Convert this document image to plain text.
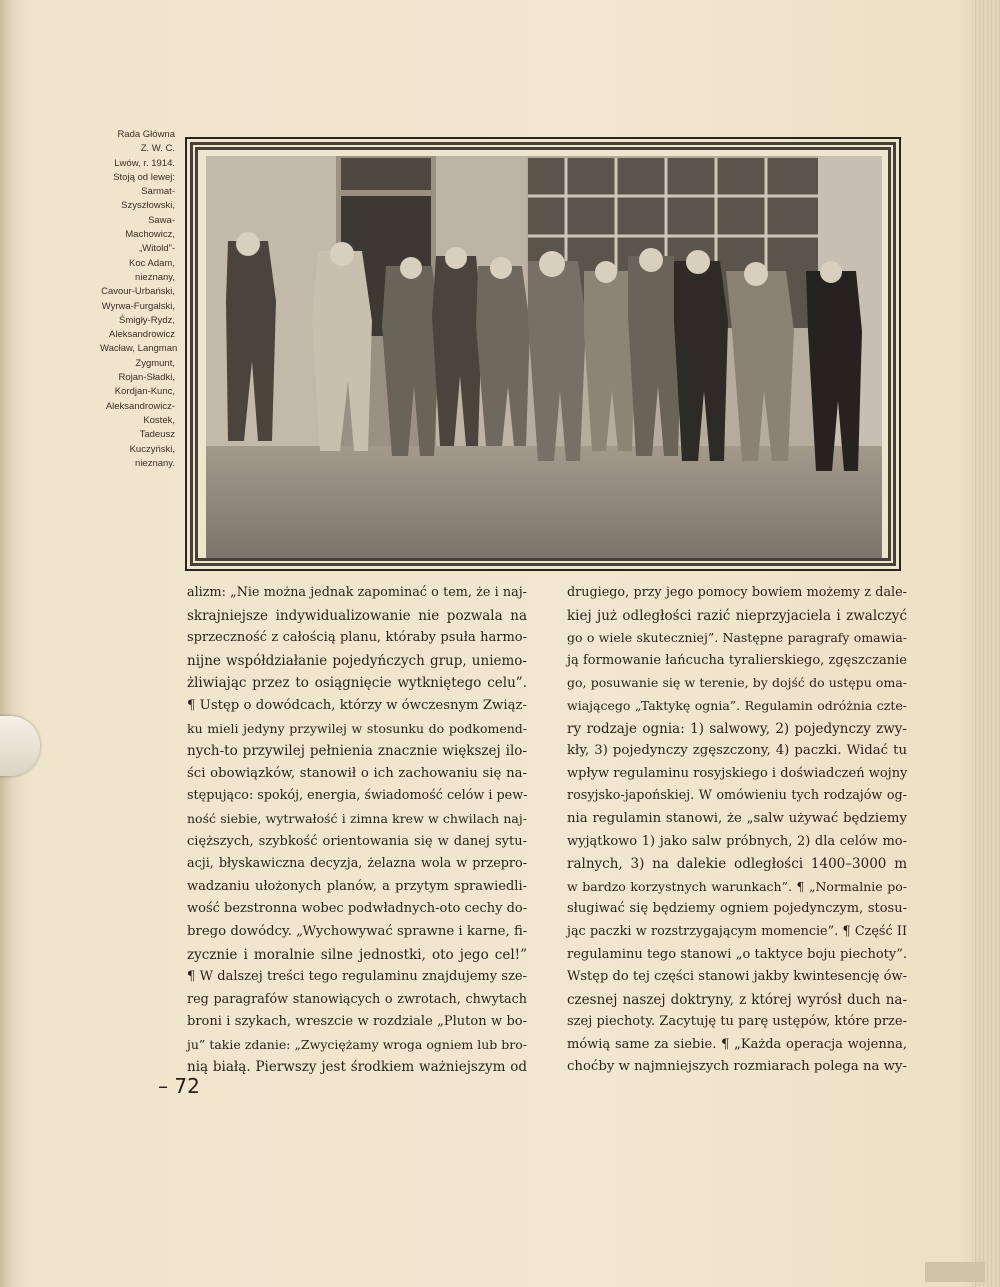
Rada Główna
Z. W. C.
Lwów, r. 1914.
Stoją od lewej:
Sarmat-
Szyszłowski,
Sawa-
Machowicz,
„Witold”-
Koc Adam,
nieznany,
Cavour-Urbański,
Wyrwa-Furgalski,
Śmigły-Rydz,
Aleksandrowicz
Wacław, Langman
Zygmunt,
Rojan-Sładki,
Kordjan-Kunc,
Aleksandrowicz-
Kostek,
Tadeusz
Kuczyński,
nieznany.
alizm: „Nie można jednak zapominać o tem, że i naj-
skrajniejsze indywidualizowanie nie pozwala na
sprzeczność z całością planu, któraby psuła harmo-
nijne współdziałanie pojedyńczych grup, uniemo-
żliwiając przez to osiągnięcie wytkniętego celu”.
¶ Ustęp o dowódcach, którzy w ówczesnym Związ-
ku mieli jedyny przywilej w stosunku do podkomend-
nych-to przywilej pełnienia znacznie większej ilo-
ści obowiązków, stanowił o ich zachowaniu się na-
stępująco: spokój, energia, świadomość celów i pew-
ność siebie, wytrwałość i zimna krew w chwilach naj-
cięższych, szybkość orientowania się w danej sytu-
acji, błyskawiczna decyzja, żelazna wola w przepro-
wadzaniu ułożonych planów, a przytym sprawiedli-
wość bezstronna wobec podwładnych-oto cechy do-
brego dowódcy. „Wychowywać sprawne i karne, fi-
zycznie i moralnie silne jednostki, oto jego cel!”
¶ W dalszej treści tego regulaminu znajdujemy sze-
reg paragrafów stanowiących o zwrotach, chwytach
broni i szykach, wreszcie w rozdziale „Pluton w bo-
ju” takie zdanie: „Zwyciężamy wroga ogniem lub bro-
nią białą. Pierwszy jest środkiem ważniejszym od
drugiego, przy jego pomocy bowiem możemy z dale-
kiej już odległości razić nieprzyjaciela i zwalczyć
go o wiele skuteczniej”. Następne paragrafy omawia-
ją formowanie łańcucha tyralierskiego, zgęszczanie
go, posuwanie się w terenie, by dojść do ustępu oma-
wiającego „Taktykę ognia”. Regulamin odróżnia czte-
ry rodzaje ognia: 1) salwowy, 2) pojedynczy zwy-
kły, 3) pojedynczy zgęszczony, 4) paczki. Widać tu
wpływ regulaminu rosyjskiego i doświadczeń wojny
rosyjsko-japońskiej. W omówieniu tych rodzajów og-
nia regulamin stanowi, że „salw używać będziemy
wyjątkowo 1) jako salw próbnych, 2) dla celów mo-
ralnych, 3) na dalekie odległości 1400–3000 m
w bardzo korzystnych warunkach”. ¶ „Normalnie po-
sługiwać się będziemy ogniem pojedynczym, stosu-
jąc paczki w rozstrzygającym momencie”. ¶ Część II
regulaminu tego stanowi „o taktyce boju piechoty”.
Wstęp do tej części stanowi jakby kwintesencję ów-
czesnej naszej doktryny, z której wyrósł duch na-
szej piechoty. Zacytuję tu parę ustępów, które prze-
mówią same za siebie. ¶ „Każda operacja wojenna,
choćby w najmniejszych rozmiarach polega na wy-
– 72
